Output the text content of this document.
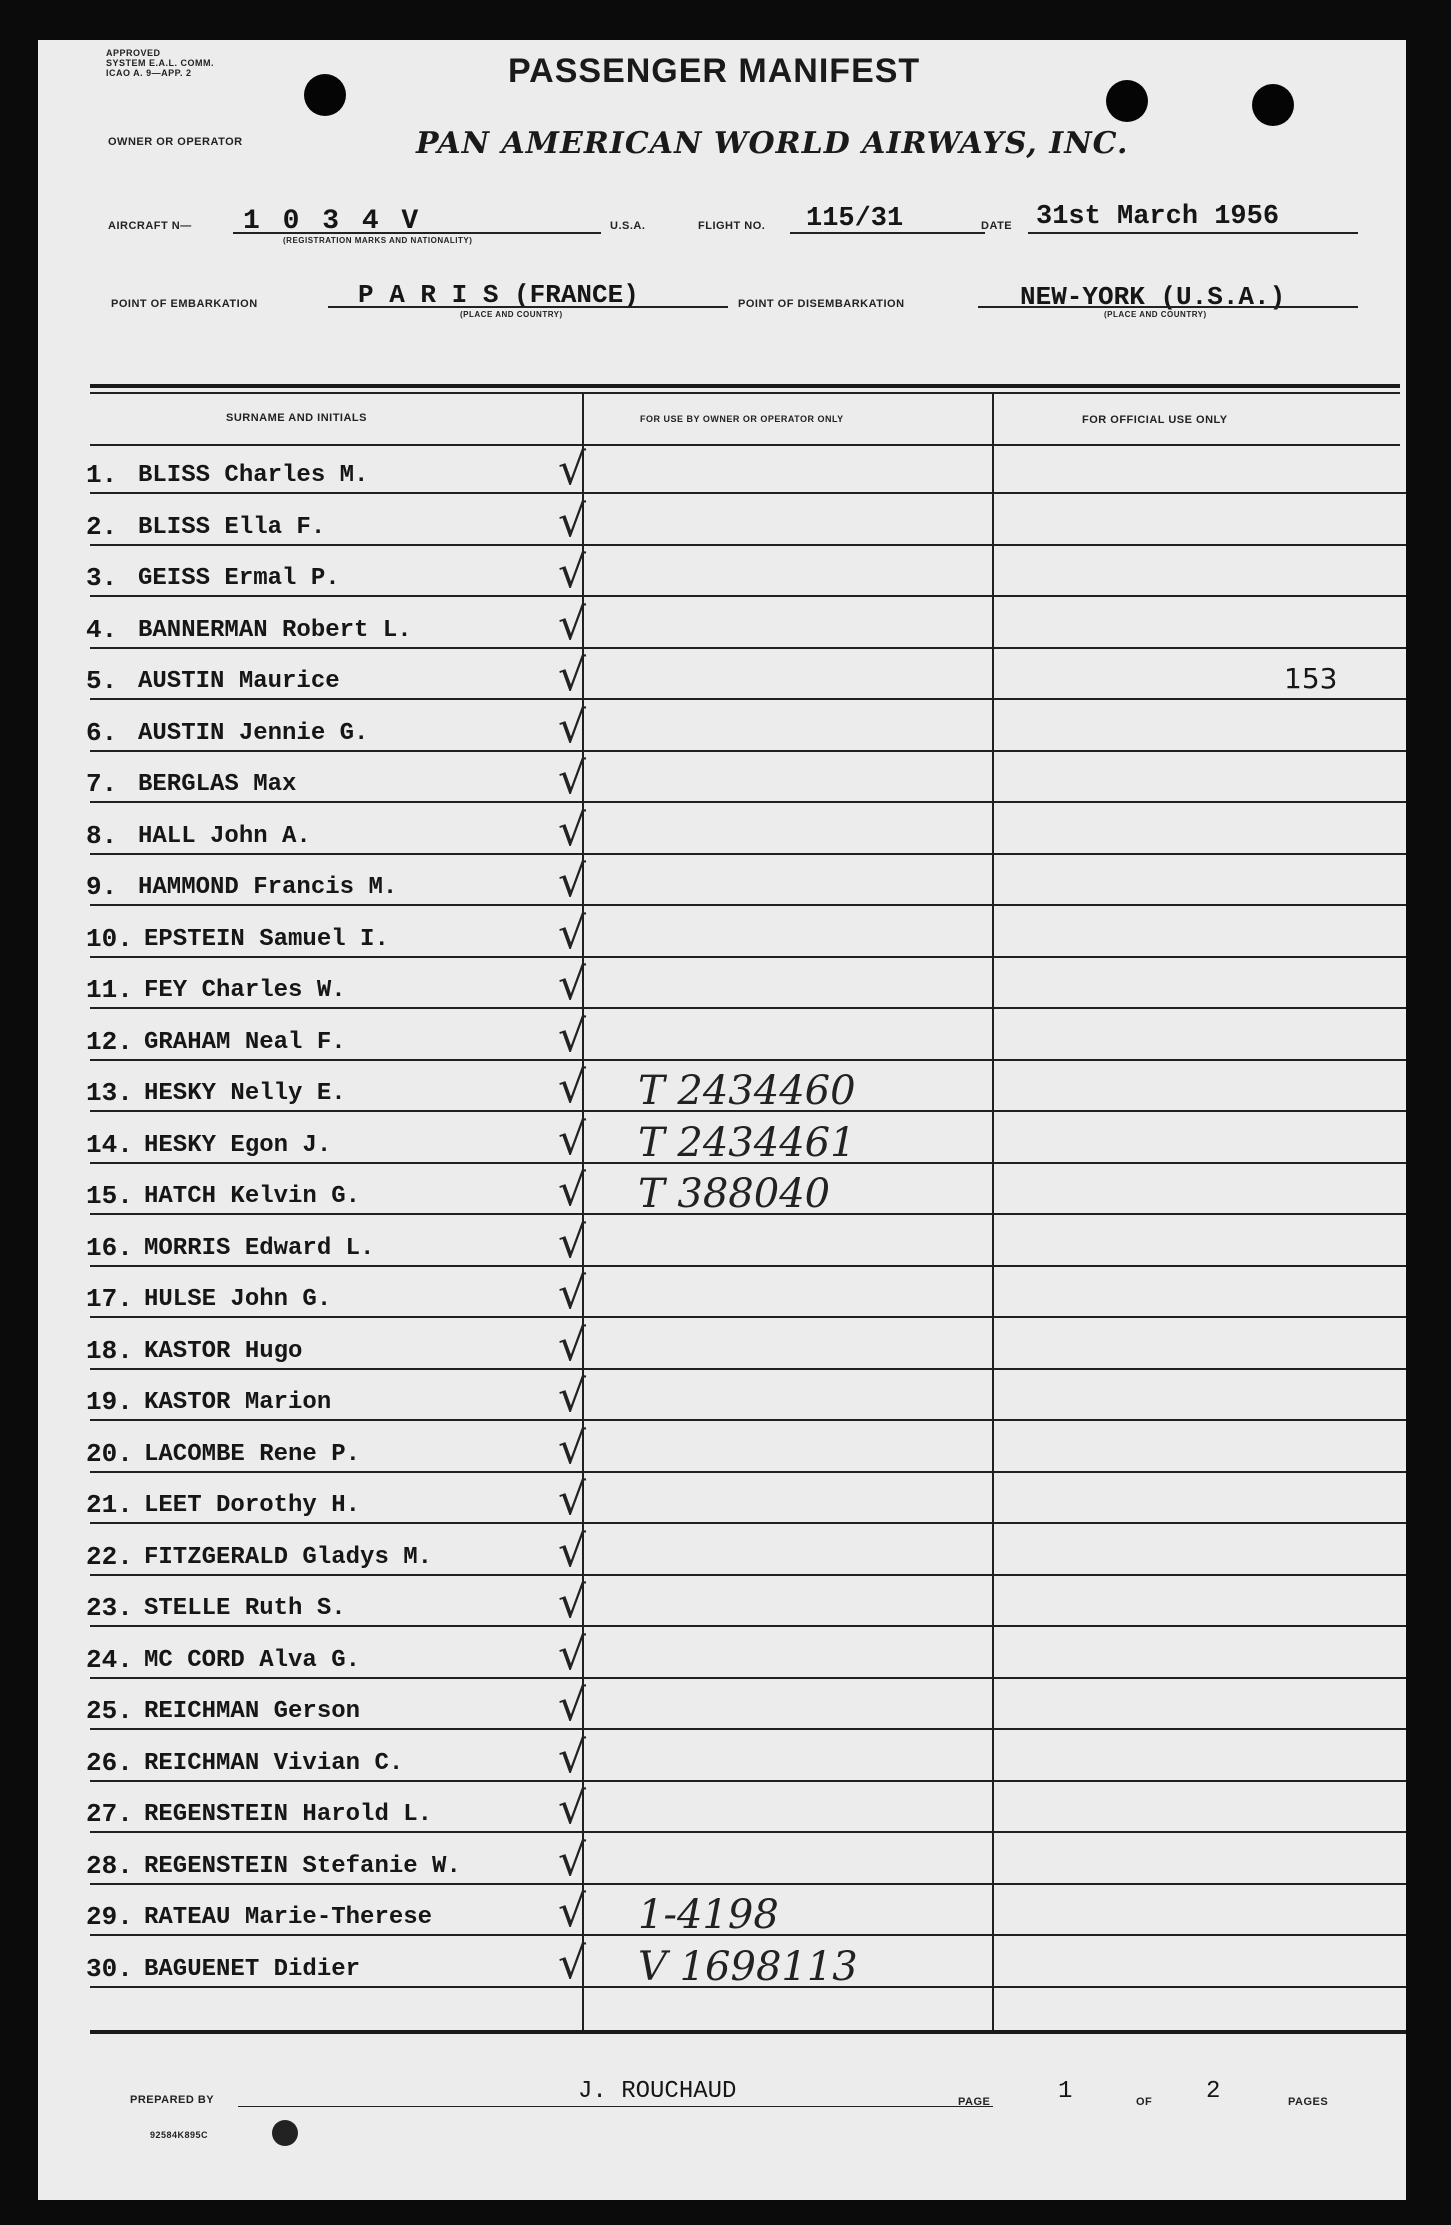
APPROVED
SYSTEM E.A.L. COMM.
ICAO A. 9—APP. 2	PASSENGER MANIFEST
OWNER OR OPERATOR	PAN AMERICAN WORLD AIRWAYS, INC.
AIRCRAFT N— 1 0 3 4 V
(REGISTRATION MARKS AND NATIONALITY)
U.S.A.	FLIGHT NO. 115/31	DATE 31st March 1956
POINT OF EMBARKATION	P A R I S (FRANCE)
(PLACE AND COUNTRY)
POINT OF DISEMBARKATION	NEW-YORK (U.S.A.)
(PLACE AND COUNTRY)
SURNAME AND INITIALS	FOR USE BY OWNER OR OPERATOR ONLY	FOR OFFICIAL USE ONLY
1. BLISS Charles M.	√
2. BLISS Ella F.	√
3. GEISS Ermal P.	√
4. BANNERMAN Robert L.	√
5. AUSTIN Maurice	√	153
6. AUSTIN Jennie G.	√
7. BERGLAS Max	√
8. HALL John A.	√
9. HAMMOND Francis M.	√
10. EPSTEIN Samuel I.	√
11. FEY Charles W.	√
12. GRAHAM Neal F.	√
13. HESKY Nelly E.	√ T 2434460
14. HESKY Egon J.	√ T 2434461
15. HATCH Kelvin G.	√ T 388040
16. MORRIS Edward L.	√
17. HULSE John G.	√
18. KASTOR Hugo	√
19. KASTOR Marion	√
20. LACOMBE Rene P.	√
21. LEET Dorothy H.	√
22. FITZGERALD Gladys M.	√
23. STELLE Ruth S.	√
24. MC CORD Alva G.	√
25. REICHMAN Gerson	√
26. REICHMAN Vivian C.	√
27. REGENSTEIN Harold L.	√
28. REGENSTEIN Stefanie W. √
29. RATEAU Marie-Therese	√ 1-4198
30. BAGUENET Didier	√ V 1698113
PREPARED BY	J. ROUCHAUD	PAGE	1	OF 2	PAGES
92584K895C
